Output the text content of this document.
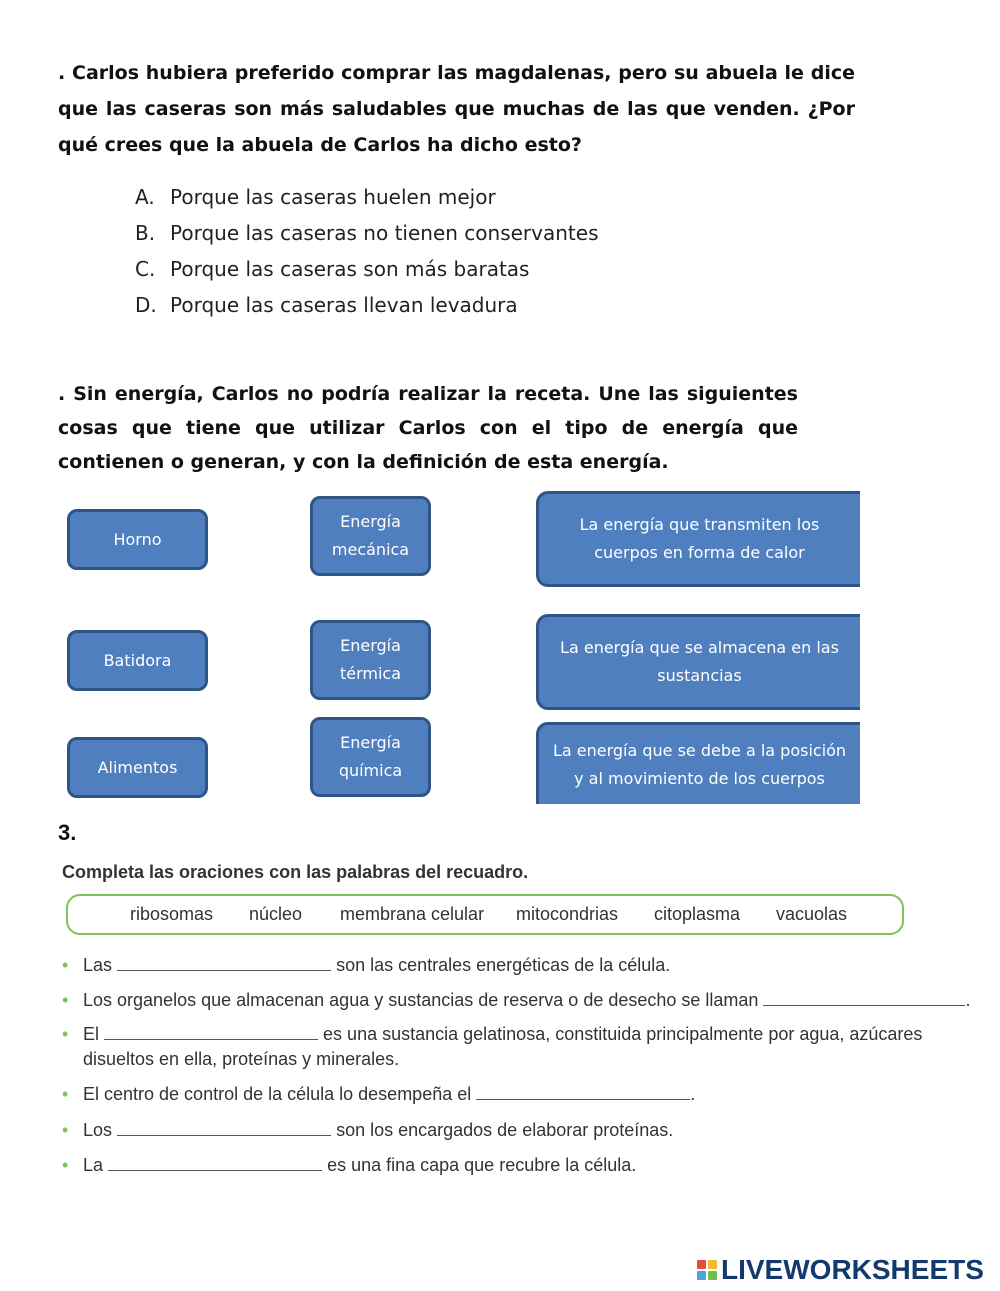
. Carlos hubiera preferido comprar las magdalenas, pero su abuela le dice que las caseras son más saludables que muchas de las que venden. ¿Por qué crees que la abuela de Carlos ha dicho esto?
A. Porque las caseras huelen mejor
B. Porque las caseras no tienen conservantes
C. Porque las caseras son más baratas
D. Porque las caseras llevan levadura
. Sin energía, Carlos no podría realizar la receta. Une las siguientes cosas que tiene que utilizar Carlos con el tipo de energía que contienen o generan, y con la definición de esta energía.
Horno
Batidora
Alimentos
Energía
mecánica
Energía
térmica
Energía
química
La energía que transmiten los
cuerpos en forma de calor
La energía que se almacena en las
sustancias
La energía que se debe a la posición
y al movimiento de los cuerpos
3.
Completa las oraciones con las palabras del recuadro.
ribosomas núcleo membrana celular mitocondrias citoplasma vacuolas
• Las	son las centrales energéticas de la célula.
• Los organelos que almacenan agua y sustancias de reserva o de desecho se llaman	.
• El	es una sustancia gelatinosa, constituida principalmente por agua, azúcares
disueltos en ella, proteínas y minerales.
• El centro de control de la célula lo desempeña el	.
• Los	son los encargados de elaborar proteínas.
• La	es una fina capa que recubre la célula.
LIVEWORKSHEETS
